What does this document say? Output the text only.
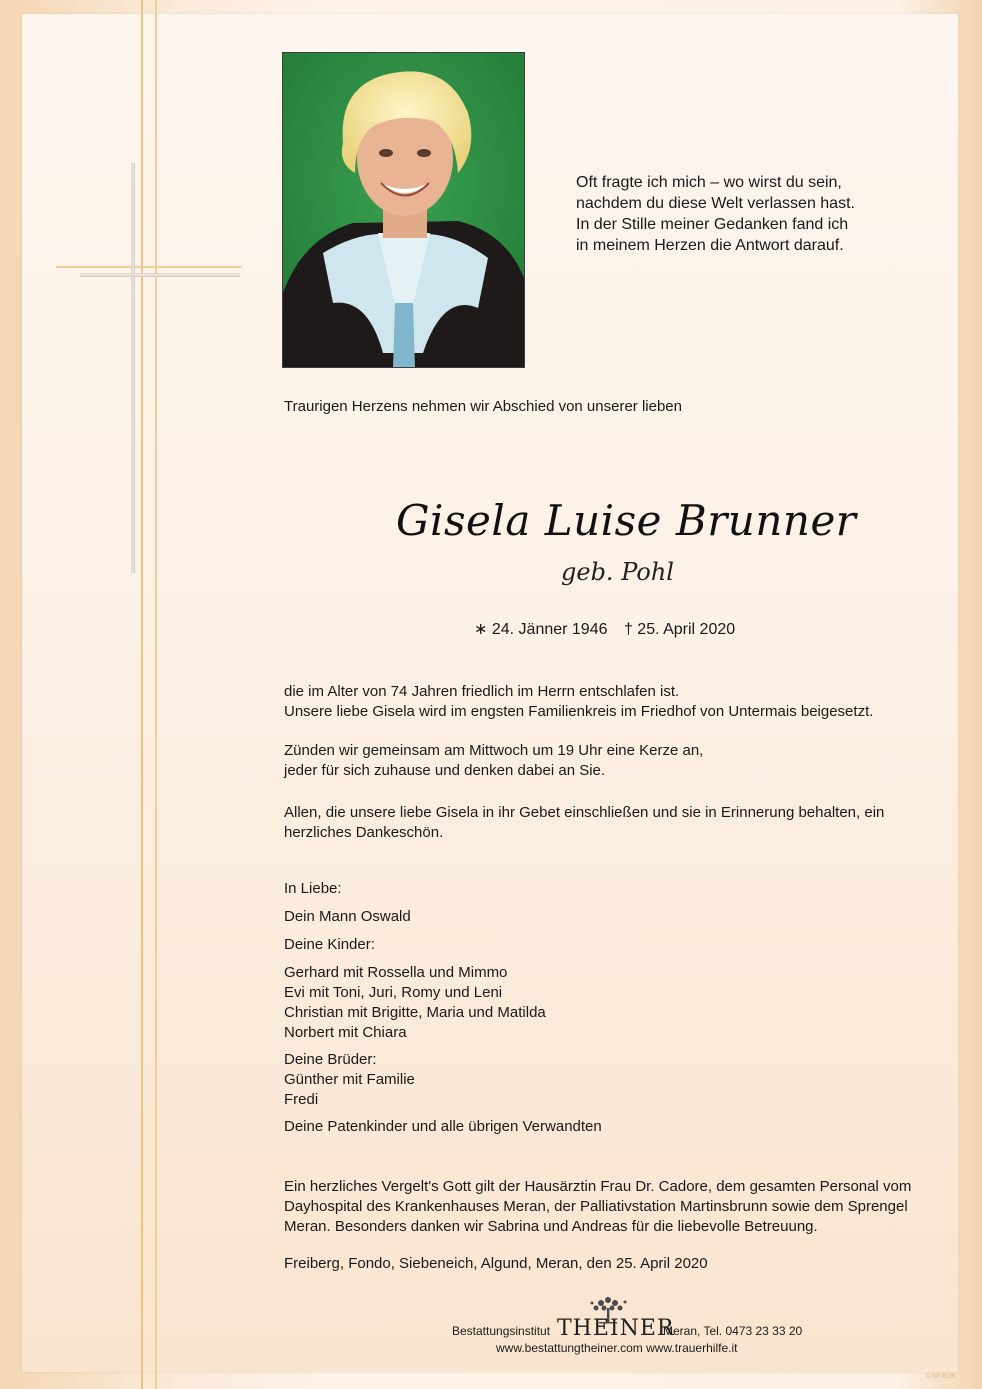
Oft fragte ich mich – wo wirst du sein,
nachdem du diese Welt verlassen hast.
In der Stille meiner Gedanken fand ich
in meinem Herzen die Antwort darauf.
Traurigen Herzens nehmen wir Abschied von unserer lieben
Gisela Luise Brunner
geb. Pohl
∗ 24. Jänner 1946 † 25. April 2020
die im Alter von 74 Jahren friedlich im Herrn entschlafen ist.
Unsere liebe Gisela wird im engsten Familienkreis im Friedhof von Untermais beigesetzt.
Zünden wir gemeinsam am Mittwoch um 19 Uhr eine Kerze an,
jeder für sich zuhause und denken dabei an Sie.
Allen, die unsere liebe Gisela in ihr Gebet einschließen und sie in Erinnerung behalten, ein
herzliches Dankeschön.
In Liebe:
Dein Mann Oswald
Deine Kinder:
Gerhard mit Rossella und Mimmo
Evi mit Toni, Juri, Romy und Leni
Christian mit Brigitte, Maria und Matilda
Norbert mit Chiara
Deine Brüder:
Günther mit Familie
Fredi
Deine Patenkinder und alle übrigen Verwandten
Ein herzliches Vergelt's Gott gilt der Hausärztin Frau Dr. Cadore, dem gesamten Personal vom
Dayhospital des Krankenhauses Meran, der Palliativstation Martinsbrunn sowie dem Sprengel
Meran. Besonders danken wir Sabrina und Andreas für die liebevolle Betreuung.
Freiberg, Fondo, Siebeneich, Algund, Meran, den 25. April 2020
Bestattungsinstitut THEINER
Meran, Tel. 0473 23 33 20
www.bestattungtheiner.com www.trauerhilfe.it
© BP 8126
